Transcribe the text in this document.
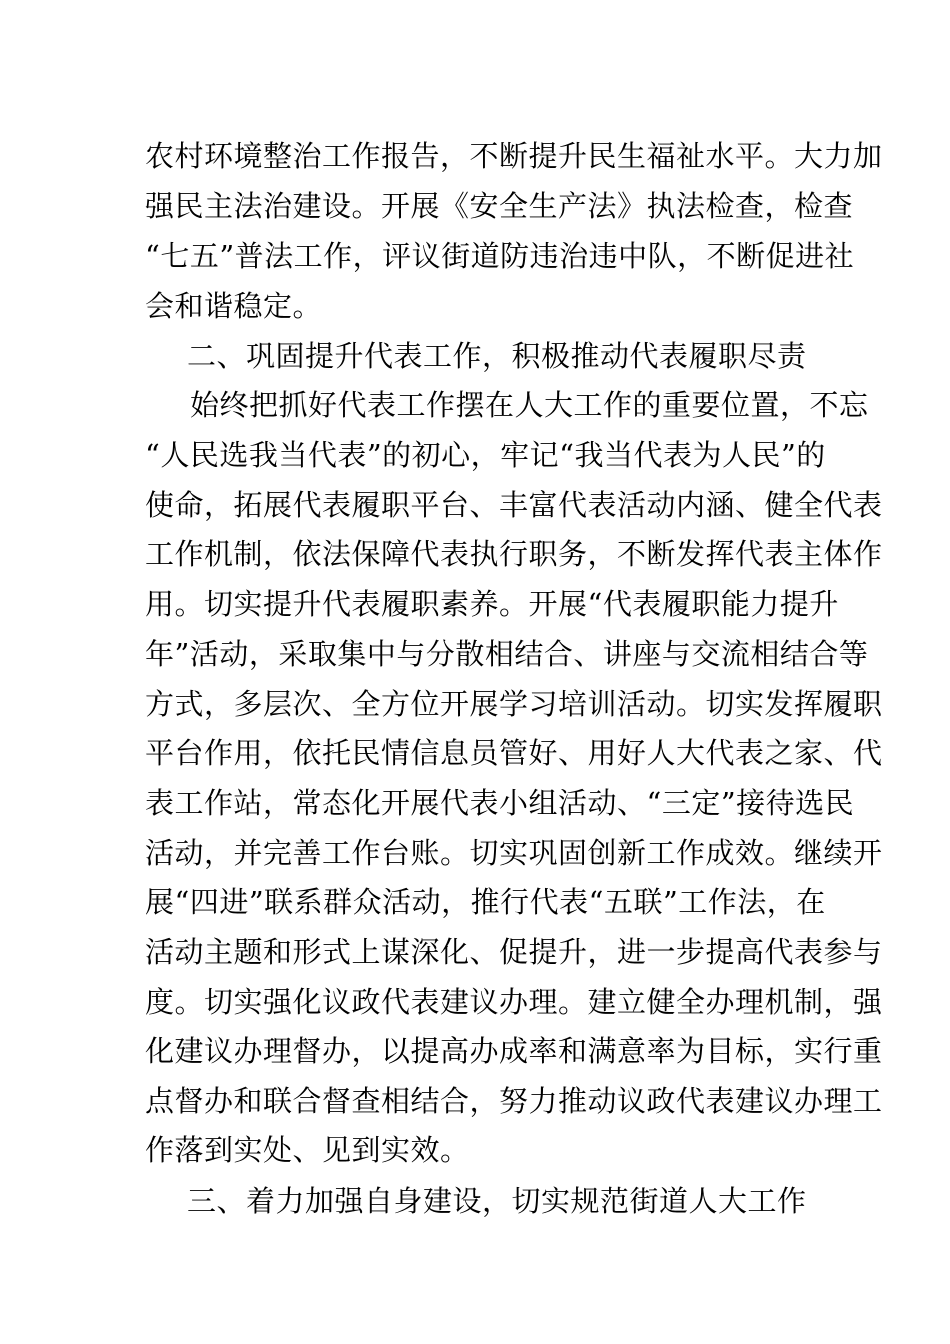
农村环境整治工作报告，不断提升民生福祉水平。大力加
强民主法治建设。开展《安全生产法》执法检查，检查
“七五”普法工作，评议街道防违治违中队，不断促进社
会和谐稳定。
二、巩固提升代表工作，积极推动代表履职尽责
始终把抓好代表工作摆在人大工作的重要位置，不忘
“人民选我当代表”的初心，牢记“我当代表为人民”的
使命，拓展代表履职平台、丰富代表活动内涵、健全代表
工作机制，依法保障代表执行职务，不断发挥代表主体作
用。切实提升代表履职素养。开展“代表履职能力提升
年”活动，采取集中与分散相结合、讲座与交流相结合等
方式，多层次、全方位开展学习培训活动。切实发挥履职
平台作用，依托民情信息员管好、用好人大代表之家、代
表工作站，常态化开展代表小组活动、“三定”接待选民
活动，并完善工作台账。切实巩固创新工作成效。继续开
展“四进”联系群众活动，推行代表“五联”工作法，在
活动主题和形式上谋深化、促提升，进一步提高代表参与
度。切实强化议政代表建议办理。建立健全办理机制，强
化建议办理督办，以提高办成率和满意率为目标，实行重
点督办和联合督查相结合，努力推动议政代表建议办理工
作落到实处、见到实效。
三、着力加强自身建设，切实规范街道人大工作
